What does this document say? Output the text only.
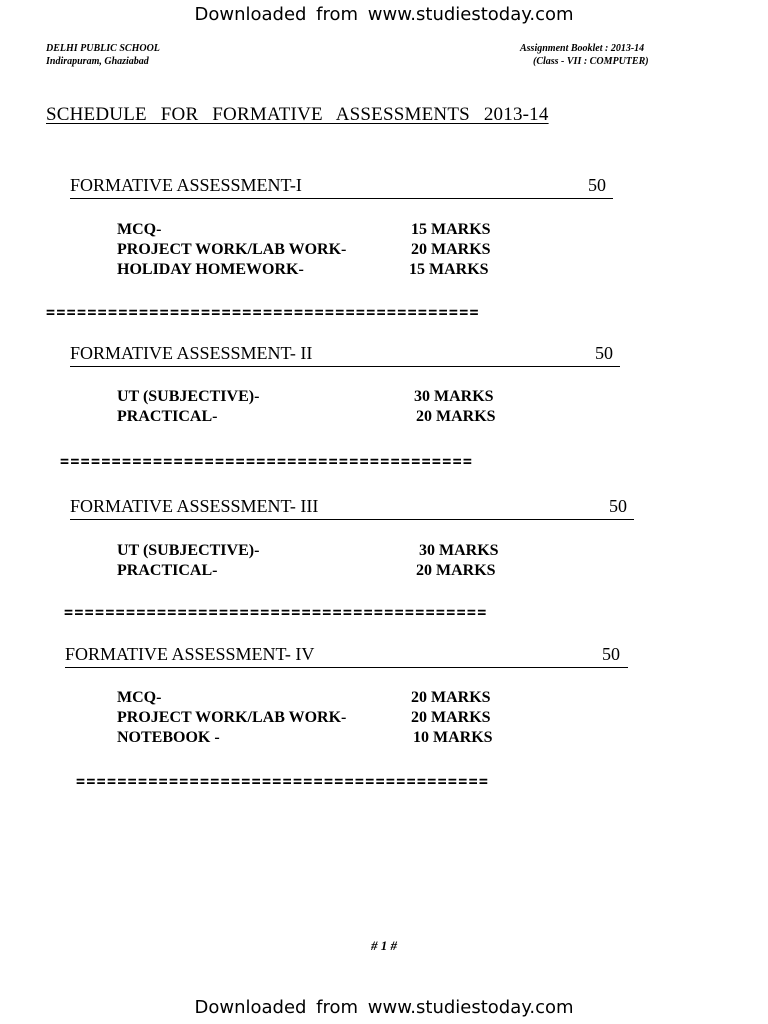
Downloaded from www.studiestoday.com
DELHI PUBLIC SCHOOL
Indirapuram, Ghaziabad
Assignment Booklet : 2013-14
(Class - VII : COMPUTER)
SCHEDULE FOR FORMATIVE ASSESSMENTS 2013-14
FORMATIVE ASSESSMENT-I	50
MCQ-	15 MARKS
PROJECT WORK/LAB WORK-	20 MARKS
HOLIDAY HOMEWORK-	15 MARKS
==========================================
FORMATIVE ASSESSMENT- II	50
UT (SUBJECTIVE)-	30 MARKS
PRACTICAL-	20 MARKS
========================================
FORMATIVE ASSESSMENT- III	50
UT (SUBJECTIVE)-	30 MARKS
PRACTICAL-	20 MARKS
=========================================
FORMATIVE ASSESSMENT- IV	50
MCQ-	20 MARKS
PROJECT WORK/LAB WORK-	20 MARKS
NOTEBOOK -	10 MARKS
========================================
# 1 #
Downloaded from www.studiestoday.com
